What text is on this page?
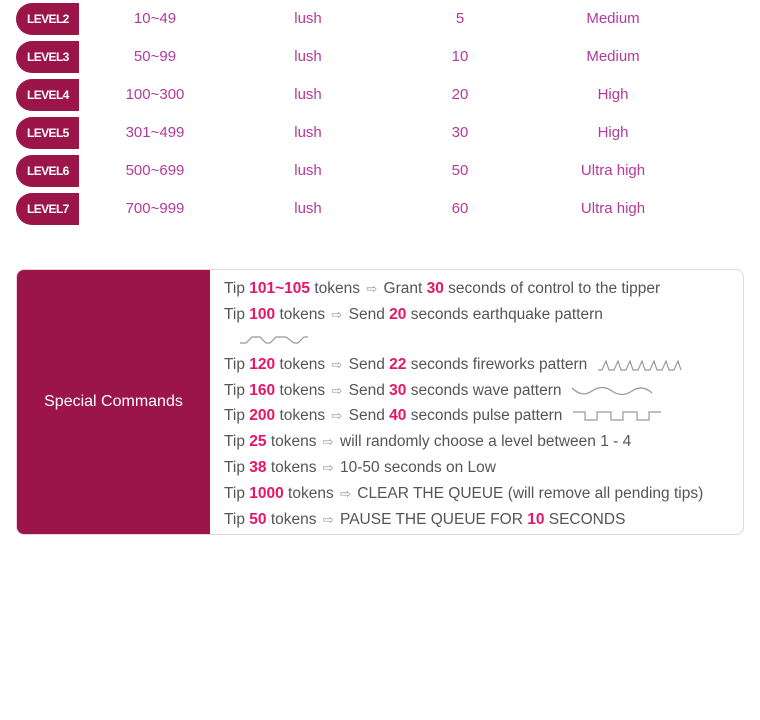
LEVEL2	10~49	lush	5	Medium
LEVEL3	50~99	lush	10	Medium
LEVEL4	100~300	lush	20	High
LEVEL5	301~499	lush	30	High
LEVEL6	500~699	lush	50	Ultra high
LEVEL7	700~999	lush	60	Ultra high
Special Commands
Tip 101~105 tokens ⇨ Grant 30 seconds of control to the tipper
Tip 100 tokens ⇨ Send 20 seconds earthquake pattern
Tip 120 tokens ⇨ Send 22 seconds fireworks pattern
Tip 160 tokens ⇨ Send 30 seconds wave pattern
Tip 200 tokens ⇨ Send 40 seconds pulse pattern
Tip 25 tokens ⇨ will randomly choose a level between 1 - 4
Tip 38 tokens ⇨ 10-50 seconds on Low
Tip 1000 tokens ⇨ CLEAR THE QUEUE (will remove all pending tips)
Tip 50 tokens ⇨ PAUSE THE QUEUE FOR 10 SECONDS
